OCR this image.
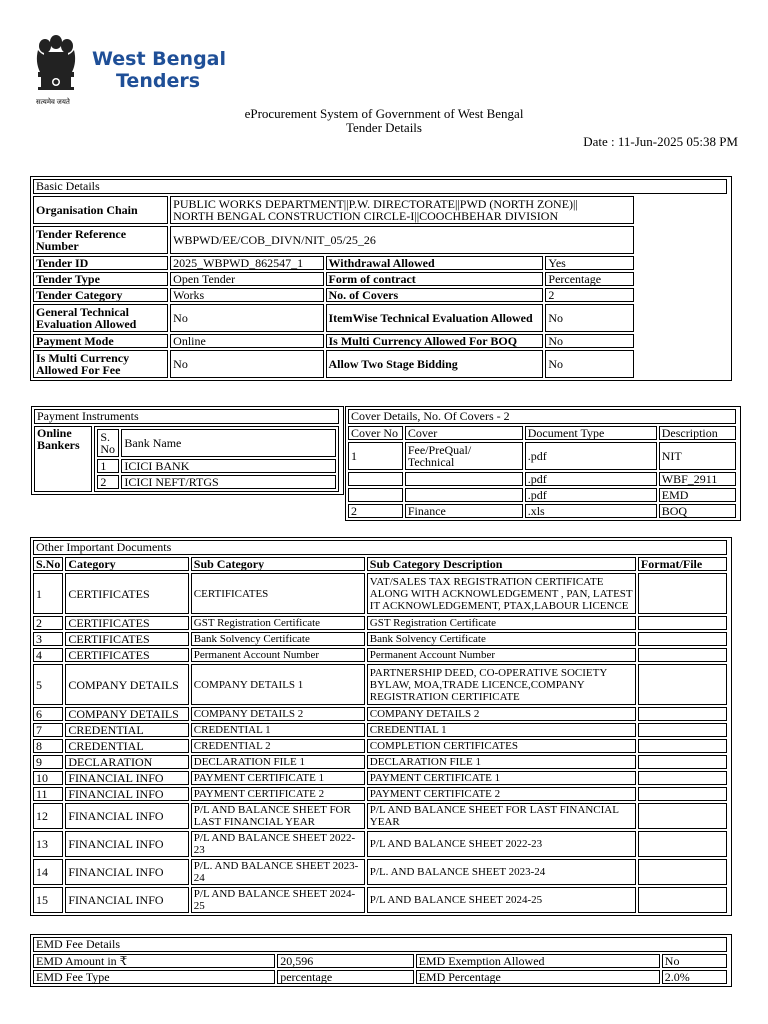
West Bengal
Tenders
सत्यमेव जयते
eProcurement System of Government of West Bengal
Tender Details
Date : 11-Jun-2025 05:38 PM
Basic Details				
Organisation Chain	PUBLIC WORKS DEPARTMENT||P.W. DIRECTORATE||PWD (NORTH ZONE)||
NORTH BENGAL CONSTRUCTION CIRCLE-I||COOCHBEHAR DIVISION			
Tender Reference Number	WBPWD/EE/COB_DIVN/NIT_05/25_26			
Tender ID	2025_WBPWD_862547_1	Withdrawal Allowed	Yes	
Tender Type	Open Tender	Form of contract	Percentage	
Tender Category	Works	No. of Covers	2	
General Technical Evaluation Allowed	No	ItemWise Technical Evaluation Allowed	No	
Payment Mode	Online	Is Multi Currency Allowed For BOQ	No	
Is Multi Currency Allowed For Fee	No	Allow Two Stage Bidding	No	
Payment Instruments
Online Bankers	
S.No	Bank Name
1	ICICI BANK
2	ICICI NEFT/RTGS
Cover Details, No. Of Covers - 2			
Cover No	Cover	Document Type	Description
1	Fee/PreQual/ Technical	.pdf	NIT
		.pdf	WBF_2911
		.pdf	EMD
2	Finance	.xls	BOQ
Other Important Documents				
S.No	Category	Sub Category	Sub Category Description	Format/File
1	CERTIFICATES	CERTIFICATES	VAT/SALES TAX REGISTRATION CERTIFICATE ALONG WITH ACKNOWLEDGEMENT , PAN, LATEST IT ACKNOWLEDGEMENT, PTAX,LABOUR LICENCE	
2	CERTIFICATES	GST Registration Certificate	GST Registration Certificate	
3	CERTIFICATES	Bank Solvency Certificate	Bank Solvency Certificate	
4	CERTIFICATES	Permanent Account Number	Permanent Account Number	
5	COMPANY DETAILS	COMPANY DETAILS 1	PARTNERSHIP DEED, CO-OPERATIVE SOCIETY BYLAW, MOA,TRADE LICENCE,COMPANY REGISTRATION CERTIFICATE	
6	COMPANY DETAILS	COMPANY DETAILS 2	COMPANY DETAILS 2	
7	CREDENTIAL	CREDENTIAL 1	CREDENTIAL 1	
8	CREDENTIAL	CREDENTIAL 2	COMPLETION CERTIFICATES	
9	DECLARATION	DECLARATION FILE 1	DECLARATION FILE 1	
10	FINANCIAL INFO	PAYMENT CERTIFICATE 1	PAYMENT CERTIFICATE 1	
11	FINANCIAL INFO	PAYMENT CERTIFICATE 2	PAYMENT CERTIFICATE 2	
12	FINANCIAL INFO	P/L AND BALANCE SHEET FOR LAST FINANCIAL YEAR	P/L AND BALANCE SHEET FOR LAST FINANCIAL YEAR	
13	FINANCIAL INFO	P/L AND BALANCE SHEET 2022-23	P/L AND BALANCE SHEET 2022-23	
14	FINANCIAL INFO	P/L. AND BALANCE SHEET 2023-24	P/L. AND BALANCE SHEET 2023-24	
15	FINANCIAL INFO	P/L AND BALANCE SHEET 2024-25	P/L AND BALANCE SHEET 2024-25	
EMD Fee Details			
EMD Amount in ₹	20,596	EMD Exemption Allowed	No
EMD Fee Type	percentage	EMD Percentage	2.0%
